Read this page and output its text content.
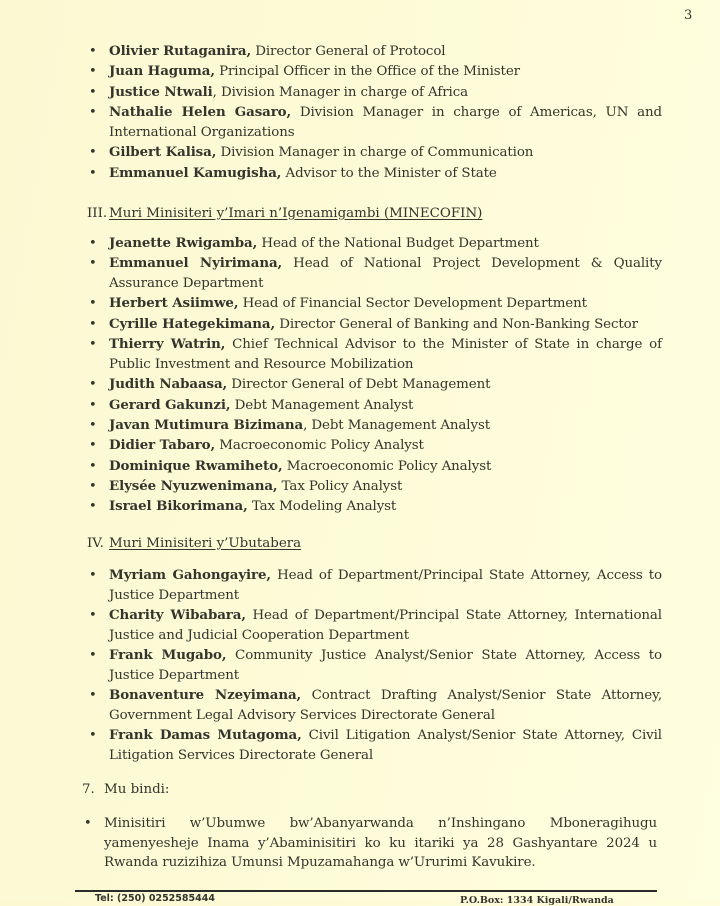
3
• Olivier Rutaganira, Director General of Protocol
• Juan Haguma, Principal Officer in the Office of the Minister
• Justice Ntwali, Division Manager in charge of Africa
• Nathalie Helen Gasaro, Division Manager in charge of Americas, UN and International Organizations
• Gilbert Kalisa, Division Manager in charge of Communication
• Emmanuel Kamugisha, Advisor to the Minister of State
III. Muri Minisiteri y’Imari n’Igenamigambi (MINECOFIN)
• Jeanette Rwigamba, Head of the National Budget Department
• Emmanuel Nyirimana, Head of National Project Development & Quality Assurance Department
• Herbert Asiimwe, Head of Financial Sector Development Department
• Cyrille Hategekimana, Director General of Banking and Non-Banking Sector
• Thierry Watrin, Chief Technical Advisor to the Minister of State in charge of Public Investment and Resource Mobilization
• Judith Nabaasa, Director General of Debt Management
• Gerard Gakunzi, Debt Management Analyst
• Javan Mutimura Bizimana, Debt Management Analyst
• Didier Tabaro, Macroeconomic Policy Analyst
• Dominique Rwamiheto, Macroeconomic Policy Analyst
• Elysée Nyuzwenimana, Tax Policy Analyst
• Israel Bikorimana, Tax Modeling Analyst
IV. Muri Minisiteri y’Ubutabera
• Myriam Gahongayire, Head of Department/Principal State Attorney, Access to Justice Department
• Charity Wibabara, Head of Department/Principal State Attorney, International Justice and Judicial Cooperation Department
• Frank Mugabo, Community Justice Analyst/Senior State Attorney, Access to Justice Department
• Bonaventure Nzeyimana, Contract Drafting Analyst/Senior State Attorney, Government Legal Advisory Services Directorate General
• Frank Damas Mutagoma, Civil Litigation Analyst/Senior State Attorney, Civil Litigation Services Directorate General
7. Mu bindi:
• Minisitiri w’Ubumwe bw’Abanyarwanda n’Inshingano Mboneragihugu yamenyesheje Inama y’Abaminisitiri ko ku itariki ya 28 Gashyantare 2024 u Rwanda ruzizihiza Umunsi Mpuzamahanga w’Ururimi Kavukire.
Tel: (250) 0252585444	P.O.Box: 1334 Kigali/Rwanda
